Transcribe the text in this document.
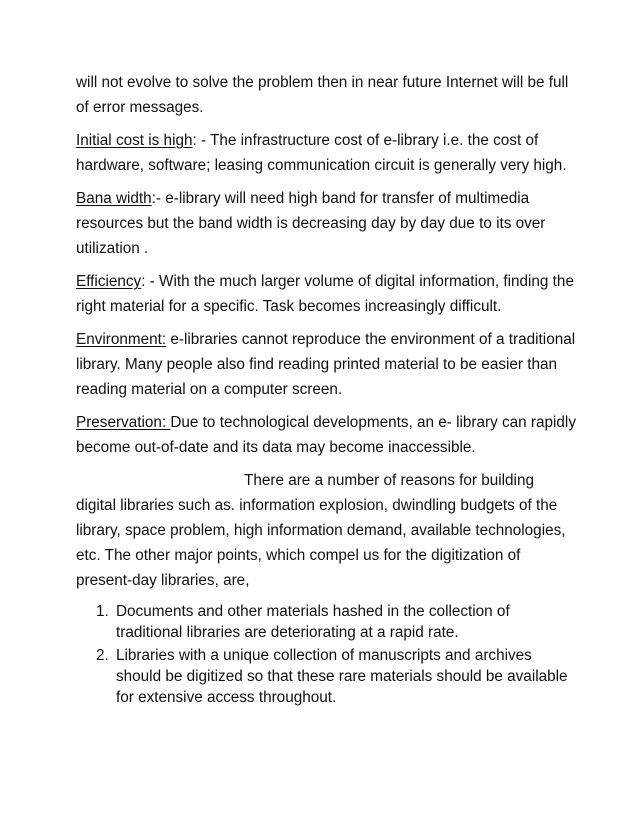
will not evolve to solve the problem then in near future Internet will be full of error messages.

Initial cost is high: - The infrastructure cost of e-library i.e. the cost of hardware, software; leasing communication circuit is generally very high.

Bana width:- e-library will need high band for transfer of multimedia resources but the band width is decreasing day by day due to its over utilization .

Efficiency: - With the much larger volume of digital information, finding the right material for a specific. Task becomes increasingly difficult.

Environment: e-libraries cannot reproduce the environment of a traditional library. Many people also find reading printed material to be easier than reading material on a computer screen.

Preservation: Due to technological developments, an e- library can rapidly become out-of-date and its data may become inaccessible.

There are a number of reasons for building
digital libraries such as. information explosion, dwindling budgets of the library, space problem, high information demand, available technologies, etc. The other major points, which compel us for the digitization of present-day libraries, are,

1. Documents and other materials hashed in the collection of traditional libraries are deteriorating at a rapid rate.
2. Libraries with a unique collection of manuscripts and archives should be digitized so that these rare materials should be available for extensive access throughout.
